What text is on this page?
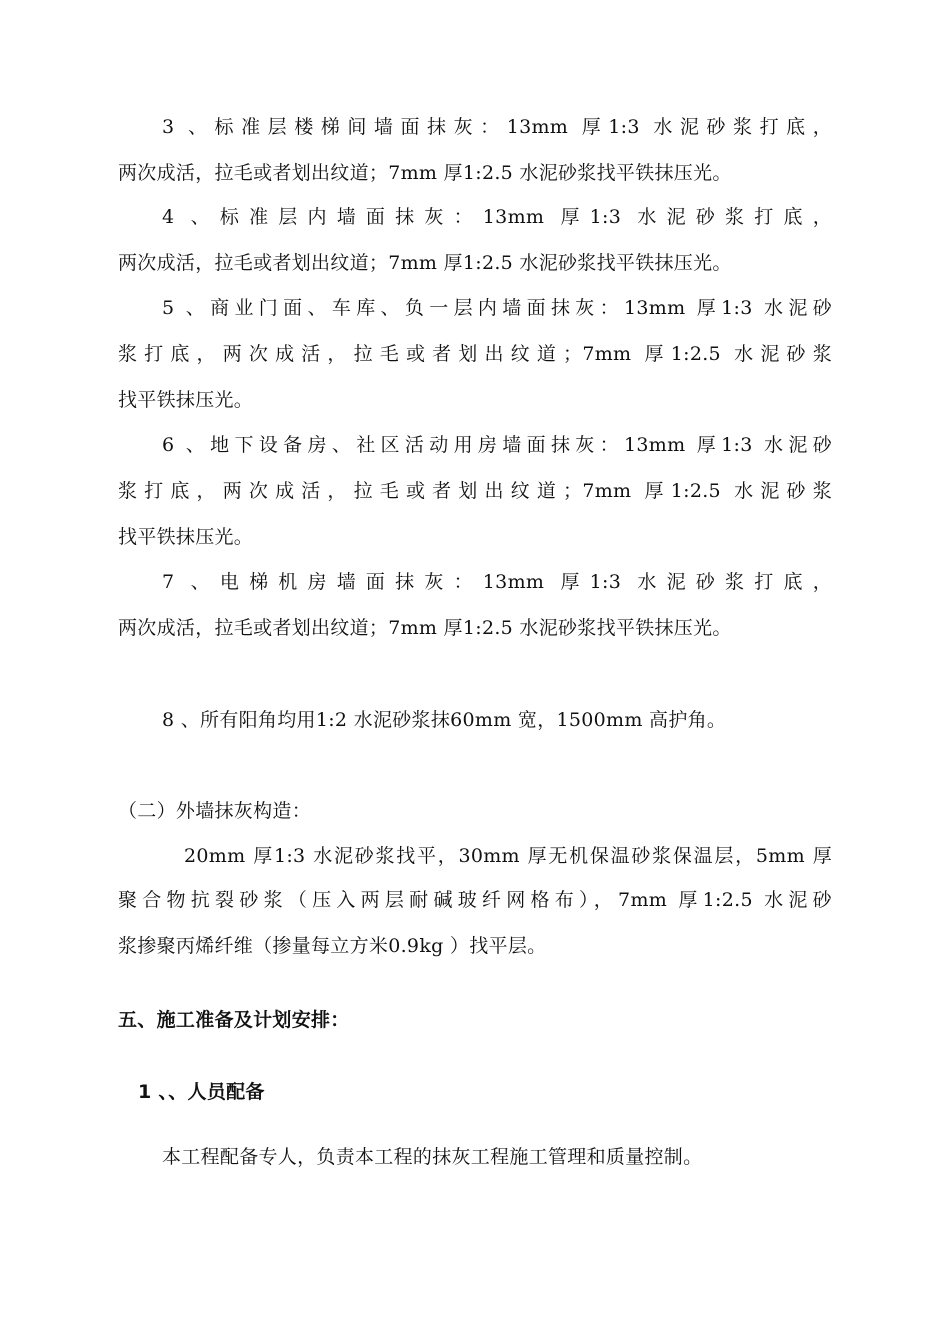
3 、标准层楼梯间墙面抹灰：13mm 厚1:3 水泥砂浆打底，
两次成活，拉毛或者划出纹道；7mm 厚1:2.5 水泥砂浆找平铁抹压光。
4 、标准层内墙面抹灰：13mm 厚1:3 水泥砂浆打底，
两次成活，拉毛或者划出纹道；7mm 厚1:2.5 水泥砂浆找平铁抹压光。
5 、商业门面、车库、负一层内墙面抹灰：13mm 厚1:3 水泥砂
浆打底，两次成活，拉毛或者划出纹道；7mm 厚1:2.5 水泥砂浆
找平铁抹压光。
6 、地下设备房、社区活动用房墙面抹灰：13mm 厚1:3 水泥砂
浆打底，两次成活，拉毛或者划出纹道；7mm 厚1:2.5 水泥砂浆
找平铁抹压光。
7 、电梯机房墙面抹灰：13mm 厚1:3 水泥砂浆打底，
两次成活，拉毛或者划出纹道；7mm 厚1:2.5 水泥砂浆找平铁抹压光。
8 、所有阳角均用1:2 水泥砂浆抹60mm 宽，1500mm 高护角。
（二）外墙抹灰构造：
20mm 厚1:3 水泥砂浆找平，30mm 厚无机保温砂浆保温层，5mm 厚
聚合物抗裂砂浆（压入两层耐碱玻纤网格布），7mm 厚1:2.5 水泥砂
浆掺聚丙烯纤维（掺量每立方米0.9kg ）找平层。
五、施工准备及计划安排：
1 、、人员配备
本工程配备专人，负责本工程的抹灰工程施工管理和质量控制。
